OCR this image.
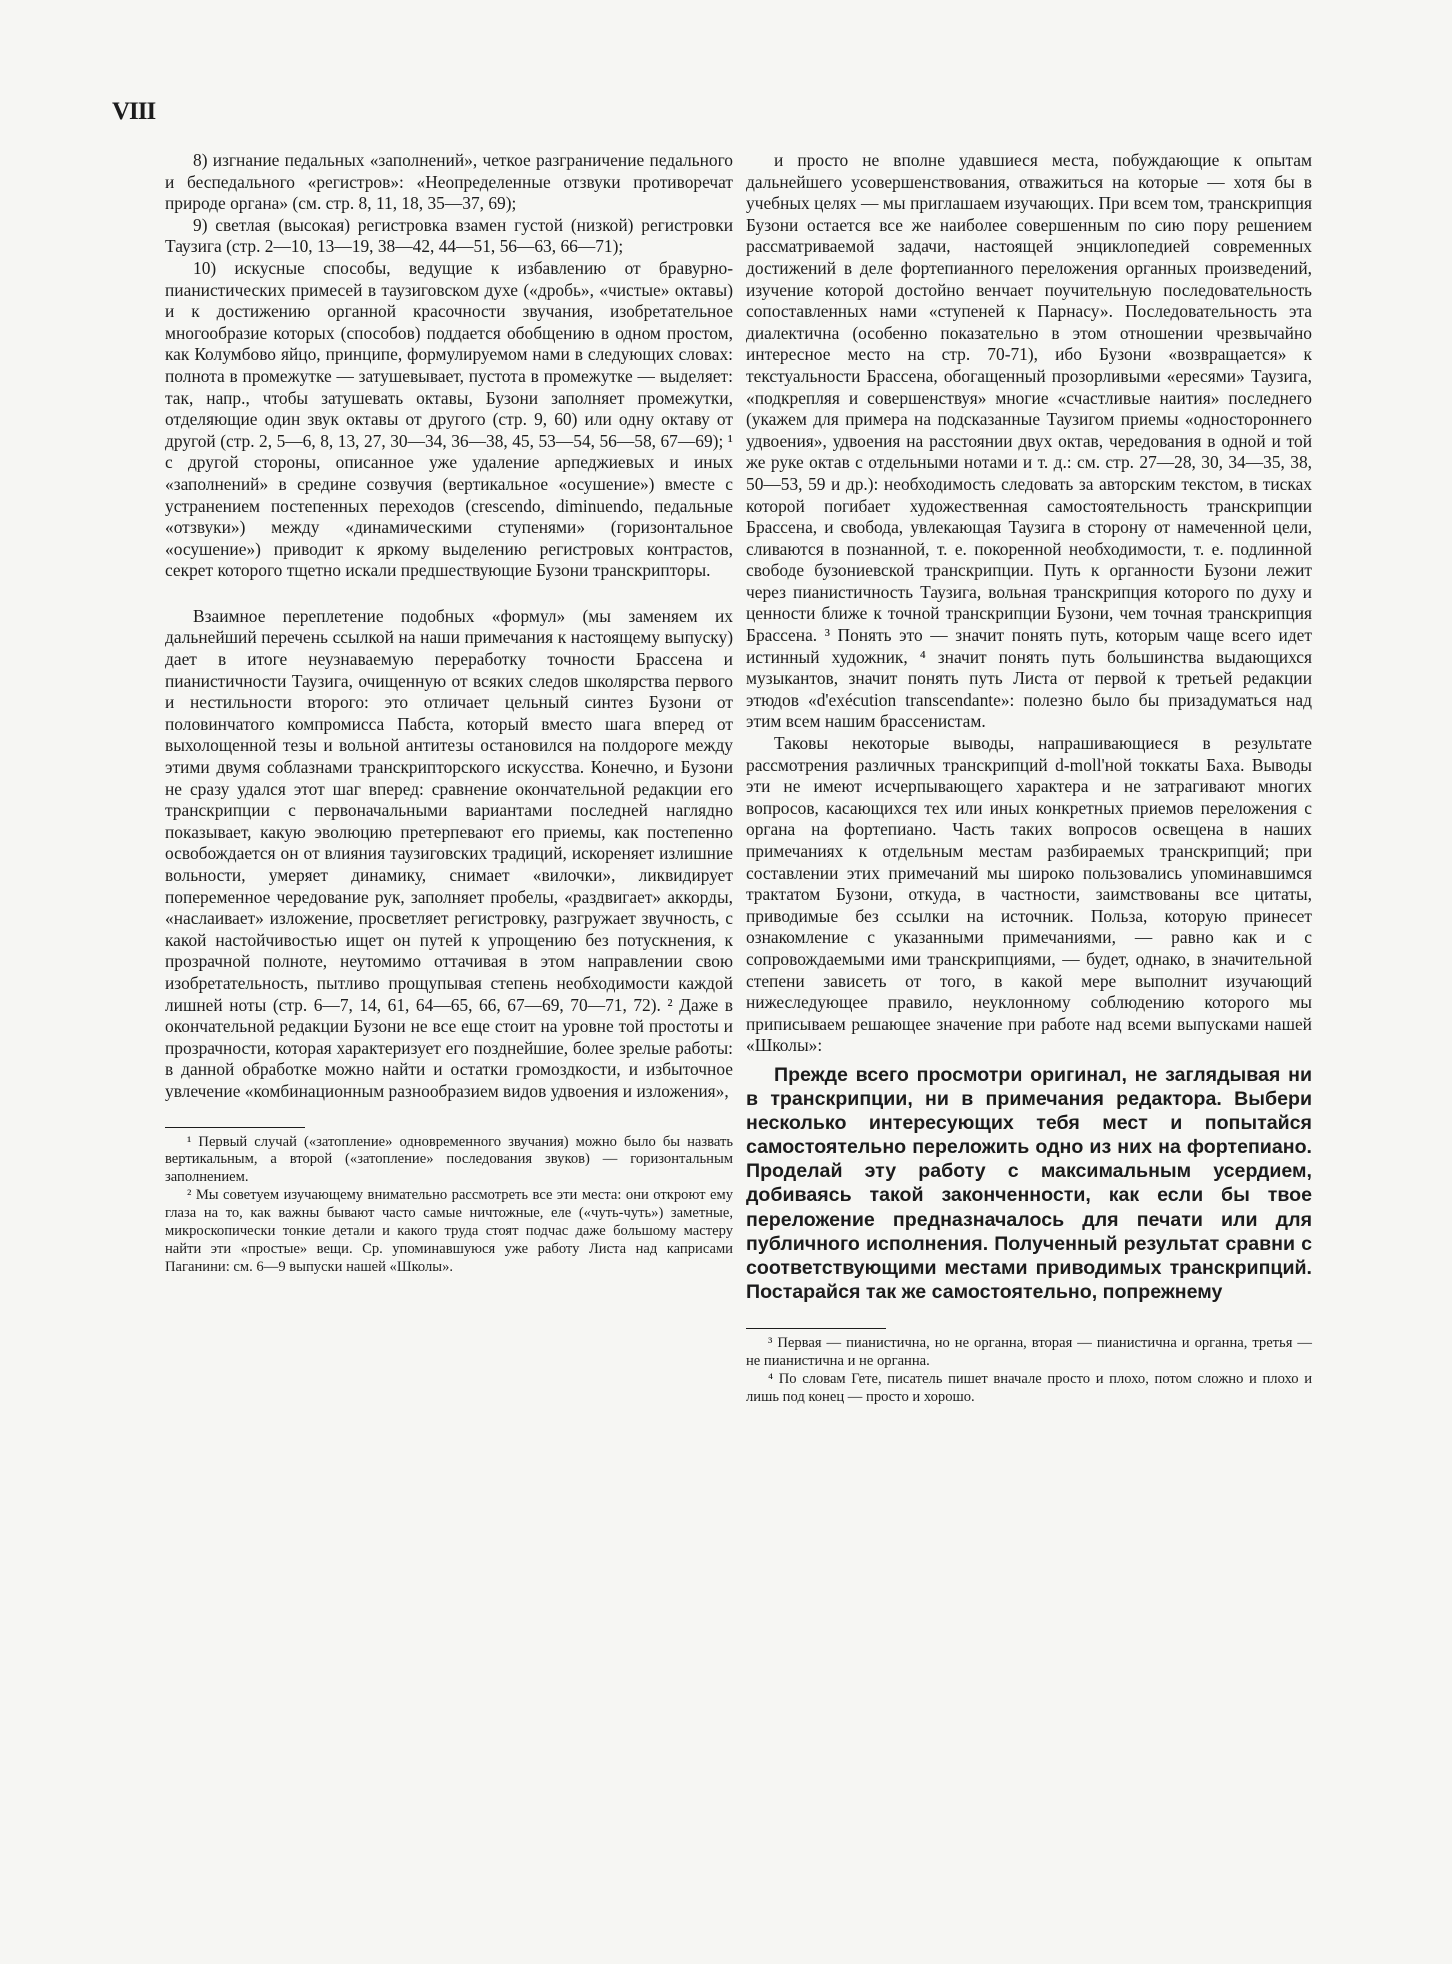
VIII

8) изгнание педальных «заполнений», четкое разграничение педального и беспедального «регистров»: «Неопределенные отзвуки противоречат природе органа» (см. стр. 8, 11, 18, 35—37, 69);

9) светлая (высокая) регистровка взамен густой (низкой) регистровки Таузига (стр. 2—10, 13—19, 38—42, 44—51, 56—63, 66—71);

10) искусные способы, ведущие к избавлению от бравурно-пианистических примесей в таузиговском духе («дробь», «чистые» октавы) и к достижению органной красочности звучания, изобретательное многообразие которых (способов) поддается обобщению в одном простом, как Колумбово яйцо, принципе, формулируемом нами в следующих словах: полнота в промежутке — затушевывает, пустота в промежутке — выделяет: так, напр., чтобы затушевать октавы, Бузони заполняет промежутки, отделяющие один звук октавы от другого (стр. 9, 60) или одну октаву от другой (стр. 2, 5—6, 8, 13, 27, 30—34, 36—38, 45, 53—54, 56—58, 67—69); ¹ с другой стороны, описанное уже удаление арпеджиевых и иных «заполнений» в средине созвучия (вертикальное «осушение») вместе с устранением постепенных переходов (crescendo, diminuendo, педальные «отзвуки») между «динамическими ступенями» (горизонтальное «осушение») приводит к яркому выделению регистровых контрастов, секрет которого тщетно искали предшествующие Бузони транскрипторы.

Взаимное переплетение подобных «формул» (мы заменяем их дальнейший перечень ссылкой на наши примечания к настоящему выпуску) дает в итоге неузнаваемую переработку точности Брассена и пианистичности Таузига, очищенную от всяких следов школярства первого и нестильности второго: это отличает цельный синтез Бузони от половинчатого компромисса Пабста, который вместо шага вперед от выхолощенной тезы и вольной антитезы остановился на полдороге между этими двумя соблазнами транскрипторского искусства. Конечно, и Бузони не сразу удался этот шаг вперед: сравнение окончательной редакции его транскрипции с первоначальными вариантами последней наглядно показывает, какую эволюцию претерпевают его приемы, как постепенно освобождается он от влияния таузиговских традиций, искореняет излишние вольности, умеряет динамику, снимает «вилочки», ликвидирует попеременное чередование рук, заполняет пробелы, «раздвигает» аккорды, «наслаивает» изложение, просветляет регистровку, разгружает звучность, с какой настойчивостью ищет он путей к упрощению без потускнения, к прозрачной полноте, неутомимо оттачивая в этом направлении свою изобретательность, пытливо прощупывая степень необходимости каждой лишней ноты (стр. 6—7, 14, 61, 64—65, 66, 67—69, 70—71, 72). ² Даже в окончательной редакции Бузони не все еще стоит на уровне той простоты и прозрачности, которая характеризует его позднейшие, более зрелые работы: в данной обработке можно найти и остатки громоздкости, и избыточное увлечение «комбинационным разнообразием видов удвоения и изложения»,

¹ Первый случай («затопление» одновременного звучания) можно было бы назвать вертикальным, а второй («затопление» последования звуков) — горизонтальным заполнением.

² Мы советуем изучающему внимательно рассмотреть все эти места: они откроют ему глаза на то, как важны бывают часто самые ничтожные, еле («чуть-чуть») заметные, микроскопически тонкие детали и какого труда стоят подчас даже большому мастеру найти эти «простые» вещи. Ср. упоминавшуюся уже работу Листа над каприсами Паганини: см. 6—9 выпуски нашей «Школы».

и просто не вполне удавшиеся места, побуждающие к опытам дальнейшего усовершенствования, отважиться на которые — хотя бы в учебных целях — мы приглашаем изучающих. При всем том, транскрипция Бузони остается все же наиболее совершенным по сию пору решением рассматриваемой задачи, настоящей энциклопедией современных достижений в деле фортепианного переложения органных произведений, изучение которой достойно венчает поучительную последовательность сопоставленных нами «ступеней к Парнасу». Последовательность эта диалектична (особенно показательно в этом отношении чрезвычайно интересное место на стр. 70-71), ибо Бузони «возвращается» к текстуальности Брассена, обогащенный прозорливыми «ересями» Таузига, «подкрепляя и совершенствуя» многие «счастливые наития» последнего (укажем для примера на подсказанные Таузигом приемы «одностороннего удвоения», удвоения на расстоянии двух октав, чередования в одной и той же руке октав с отдельными нотами и т. д.: см. стр. 27—28, 30, 34—35, 38, 50—53, 59 и др.): необходимость следовать за авторским текстом, в тисках которой погибает художественная самостоятельность транскрипции Брассена, и свобода, увлекающая Таузига в сторону от намеченной цели, сливаются в познанной, т. е. покоренной необходимости, т. е. подлинной свободе бузониевской транскрипции. Путь к органности Бузони лежит через пианистичность Таузига, вольная транскрипция которого по духу и ценности ближе к точной транскрипции Бузони, чем точная транскрипция Брассена. ³ Понять это — значит понять путь, которым чаще всего идет истинный художник, ⁴ значит понять путь большинства выдающихся музыкантов, значит понять путь Листа от первой к третьей редакции этюдов «d'exécution transcendante»: полезно было бы призадуматься над этим всем нашим брассенистам.

Таковы некоторые выводы, напрашивающиеся в результате рассмотрения различных транскрипций d-moll'ной токкаты Баха. Выводы эти не имеют исчерпывающего характера и не затрагивают многих вопросов, касающихся тех или иных конкретных приемов переложения с органа на фортепиано. Часть таких вопросов освещена в наших примечаниях к отдельным местам разбираемых транскрипций; при составлении этих примечаний мы широко пользовались упоминавшимся трактатом Бузони, откуда, в частности, заимствованы все цитаты, приводимые без ссылки на источник. Польза, которую принесет ознакомление с указанными примечаниями, — равно как и с сопровождаемыми ими транскрипциями, — будет, однако, в значительной степени зависеть от того, в какой мере выполнит изучающий нижеследующее правило, неуклонному соблюдению которого мы приписываем решающее значение при работе над всеми выпусками нашей «Школы»:

Прежде всего просмотри оригинал, не заглядывая ни в транскрипции, ни в примечания редактора. Выбери несколько интересующих тебя мест и попытайся самостоятельно переложить одно из них на фортепиано. Проделай эту работу с максимальным усердием, добиваясь такой законченности, как если бы твое переложение предназначалось для печати или для публичного исполнения. Полученный результат сравни с соответствующими местами приводимых транскрипций. Постарайся так же самостоятельно, попрежнему

³ Первая — пианистична, но не органна, вторая — пианистична и органна, третья — не пианистична и не органна.

⁴ По словам Гете, писатель пишет вначале просто и плохо, потом сложно и плохо и лишь под конец — просто и хорошо.
